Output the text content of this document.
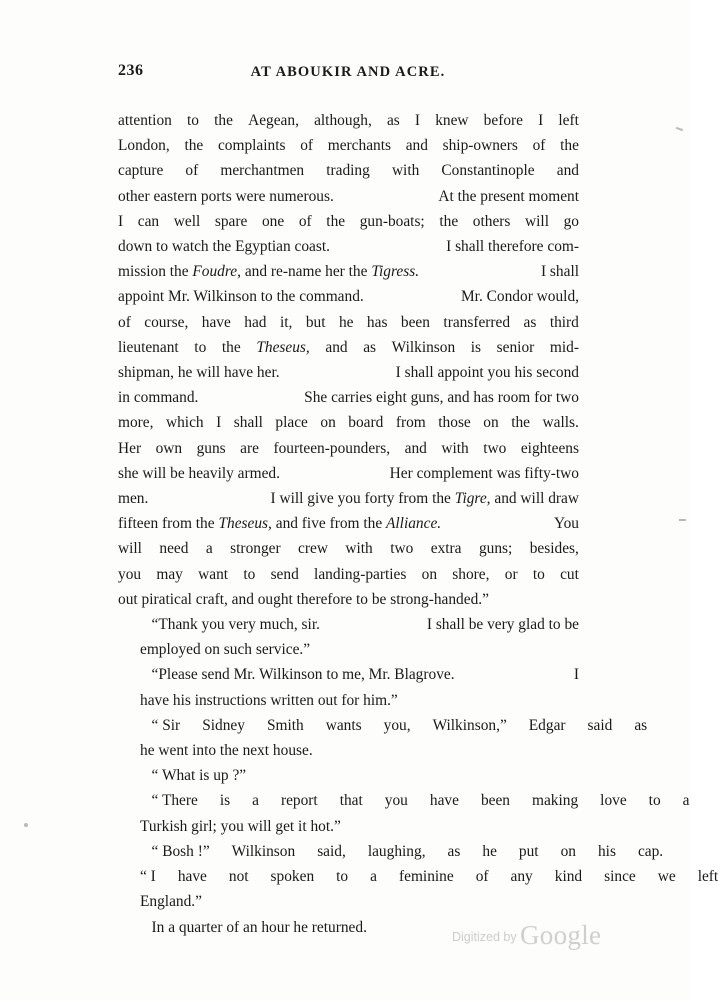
236	AT ABOUKIR AND ACRE.

attention to the Aegean, although, as I knew before I left
London, the complaints of merchants and ship-owners of the
capture of merchantmen trading with Constantinople and
other eastern ports were numerous.	At the present moment
I can well spare one of the gun-boats; the others will go
down to watch the Egyptian coast.	I shall therefore com-
mission the Foudre, and re-name her the Tigress.	I shall
appoint Mr. Wilkinson to the command.	Mr. Condor would,
of course, have had it, but he has been transferred as third
lieutenant to the Theseus, and as Wilkinson is senior mid-
shipman, he will have her.	I shall appoint you his second
in command.	She carries eight guns, and has room for two
more, which I shall place on board from those on the walls.
Her own guns are fourteen-pounders, and with two eighteens
she will be heavily armed.	Her complement was fifty-two
men.	I will give you forty from the Tigre, and will draw
fifteen from the Theseus, and five from the Alliance.	You
will need a stronger crew with two extra guns; besides,
you may want to send landing-parties on shore, or to cut
out piratical craft, and ought therefore to be strong-handed.”

“Thank you very much, sir.	I shall be very glad to be
employed on such service.”

“Please send Mr. Wilkinson to me, Mr. Blagrove.	I
have his instructions written out for him.”

“ Sir	Sidney	Smith	wants	you,	Wilkinson,”	Edgar	said	as
he went into the next house.

“ What is up ?”

“ There	is	a	report	that	you	have	been	making	love	to	a
Turkish girl; you will get it hot.”

“ Bosh !”	Wilkinson	said,	laughing,	as	he	put	on	his	cap.
“ I	have	not	spoken	to	a	feminine	of	any	kind	since	we	left
England.”

In a quarter of an hour he returned.

Digitized by Google
